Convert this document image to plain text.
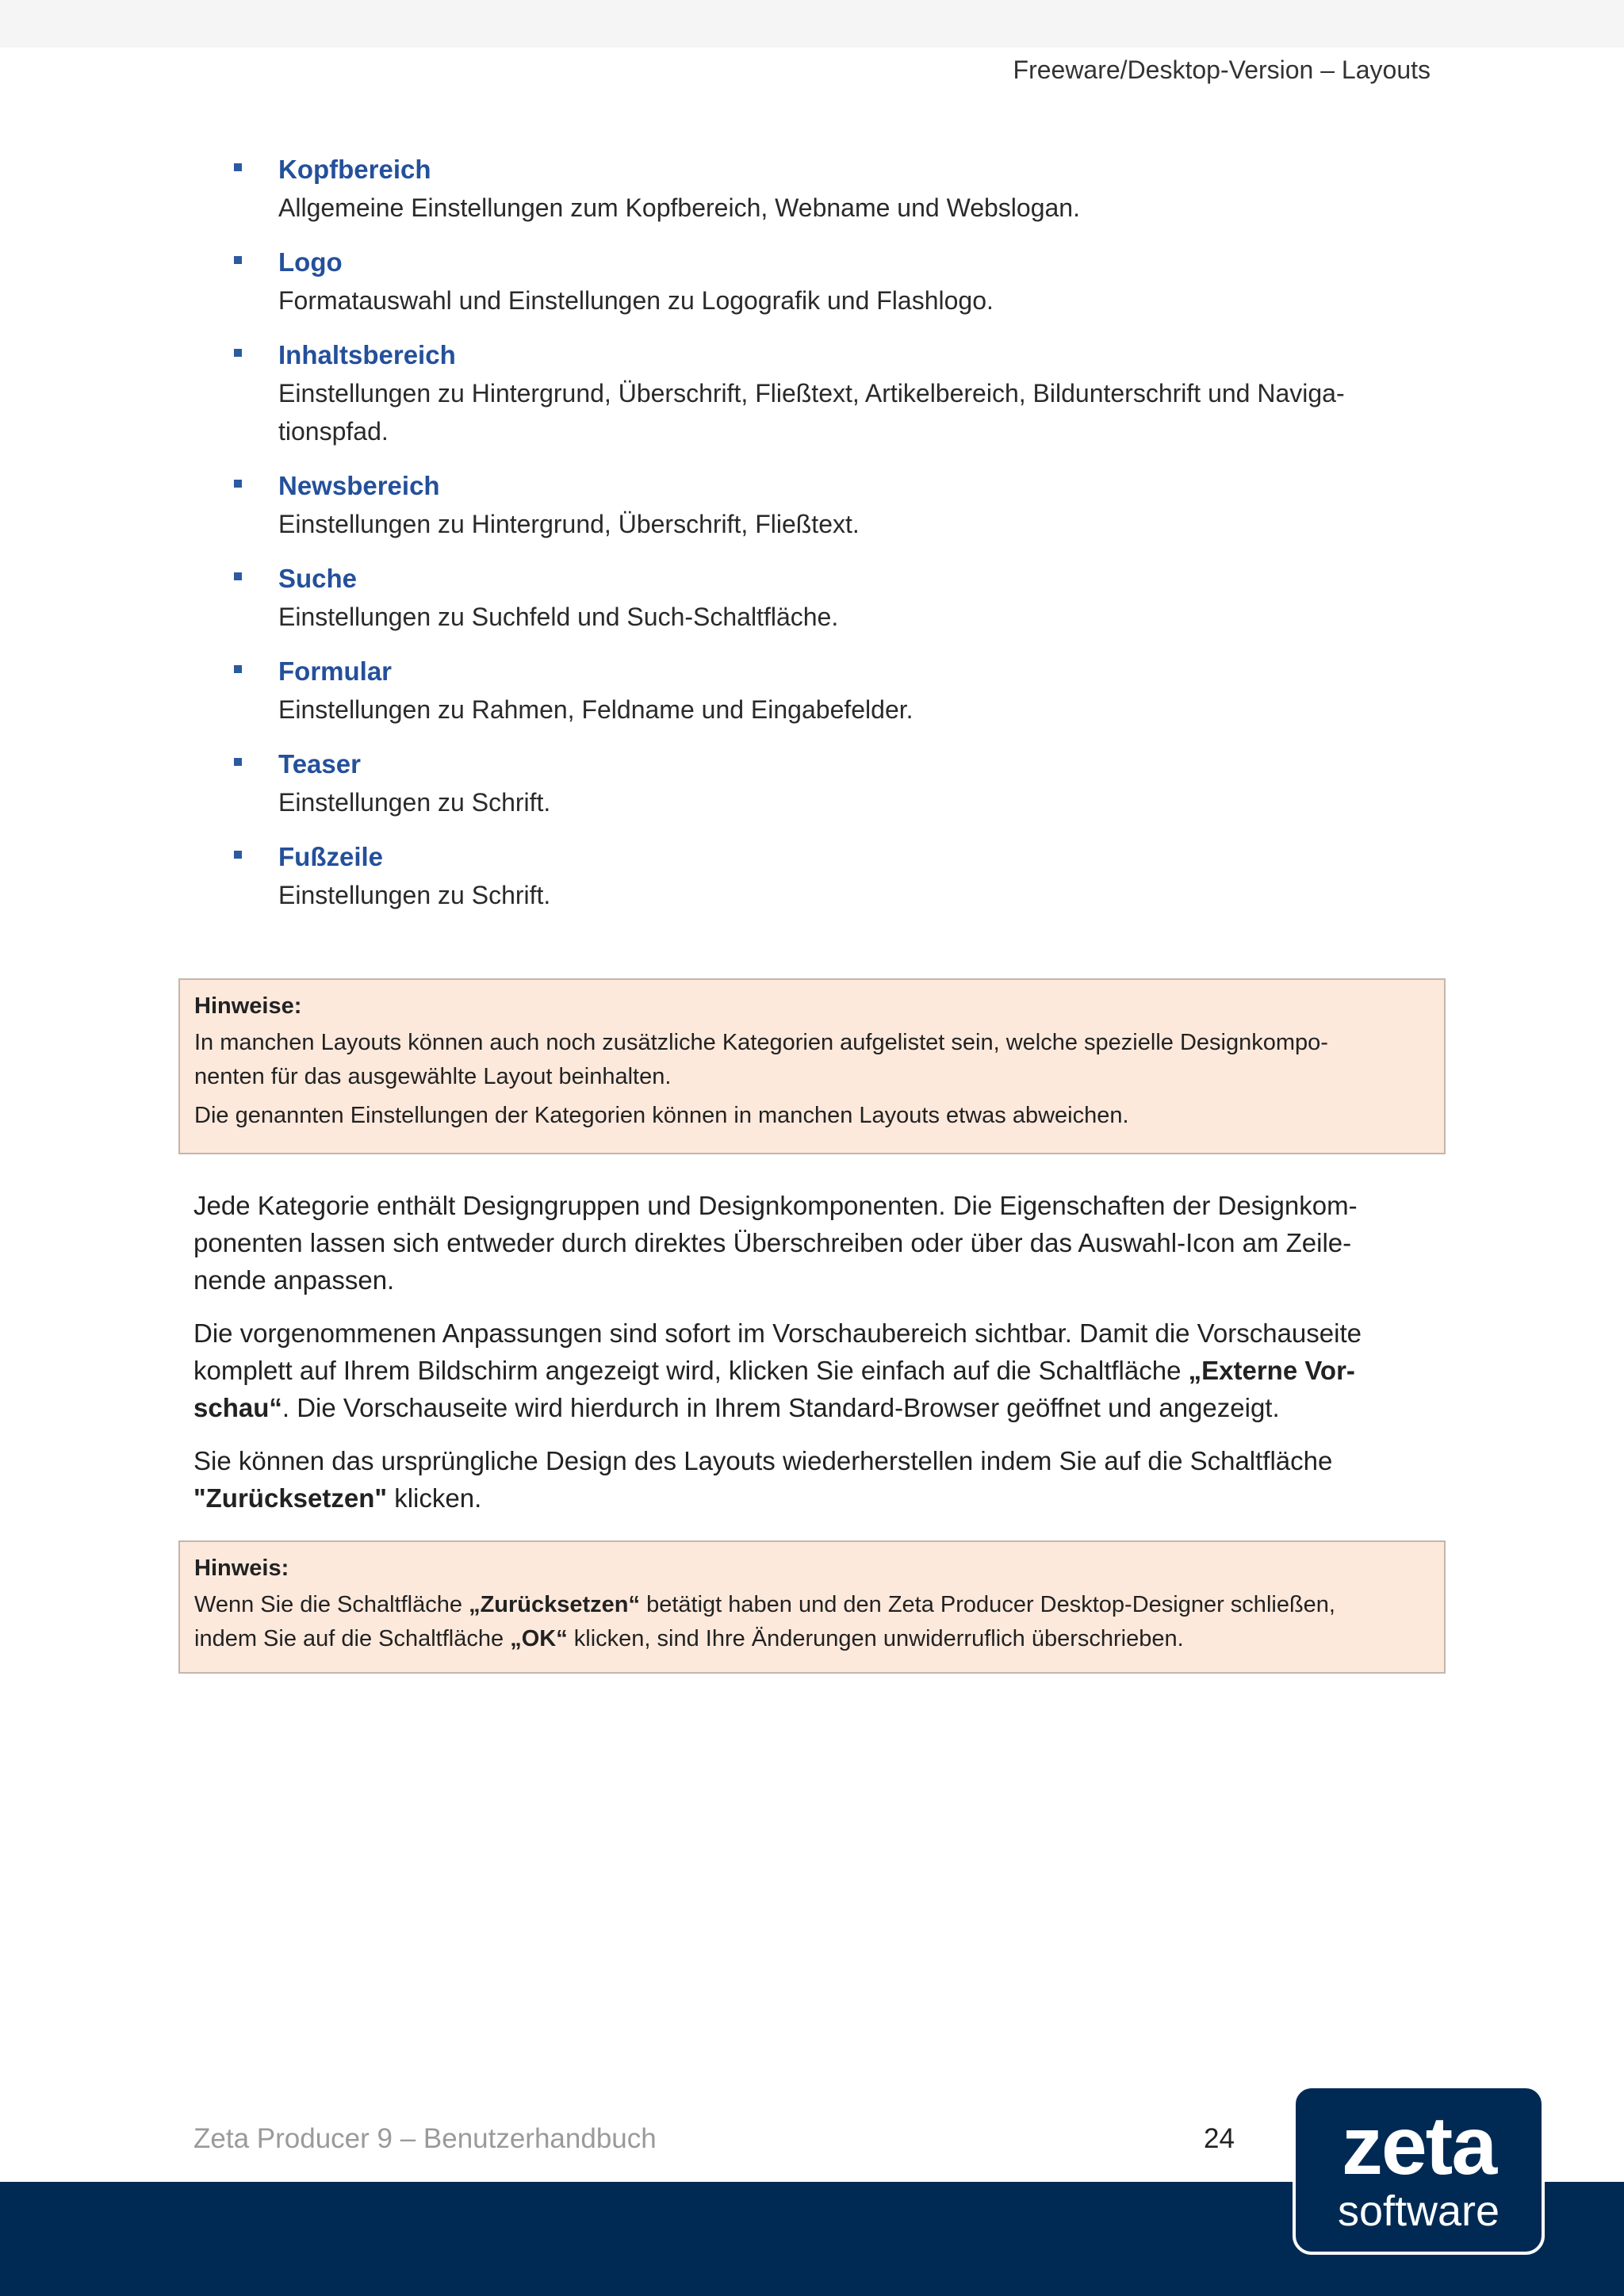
Freeware/Desktop-Version – Layouts
Kopfbereich
Allgemeine Einstellungen zum Kopfbereich, Webname und Webslogan.
Logo
Formatauswahl und Einstellungen zu Logografik und Flashlogo.
Inhaltsbereich
Einstellungen zu Hintergrund, Überschrift, Fließtext, Artikelbereich, Bildunterschrift und Naviga-
tionspfad.
Newsbereich
Einstellungen zu Hintergrund, Überschrift, Fließtext.
Suche
Einstellungen zu Suchfeld und Such-Schaltfläche.
Formular
Einstellungen zu Rahmen, Feldname und Eingabefelder.
Teaser
Einstellungen zu Schrift.
Fußzeile
Einstellungen zu Schrift.
Hinweise:

In manchen Layouts können auch noch zusätzliche Kategorien aufgelistet sein, welche spezielle Designkompo-
nenten für das ausgewählte Layout beinhalten.

Die genannten Einstellungen der Kategorien können in manchen Layouts etwas abweichen.

Jede Kategorie enthält Designgruppen und Designkomponenten. Die Eigenschaften der Designkom-
ponenten lassen sich entweder durch direktes Überschreiben oder über das Auswahl-Icon am Zeile-
nende anpassen.

Die vorgenommenen Anpassungen sind sofort im Vorschaubereich sichtbar. Damit die Vorschauseite
komplett auf Ihrem Bildschirm angezeigt wird, klicken Sie einfach auf die Schaltfläche „Externe Vor-
schau“. Die Vorschauseite wird hierdurch in Ihrem Standard-Browser geöffnet und angezeigt.

Sie können das ursprüngliche Design des Layouts wiederherstellen indem Sie auf die Schaltfläche
"Zurücksetzen" klicken.

Hinweis:

Wenn Sie die Schaltfläche „Zurücksetzen“ betätigt haben und den Zeta Producer Desktop-Designer schließen,
indem Sie auf die Schaltfläche „OK“ klicken, sind Ihre Änderungen unwiderruflich überschrieben.

Zeta Producer 9 – Benutzerhandbuch	24	zeta
software
